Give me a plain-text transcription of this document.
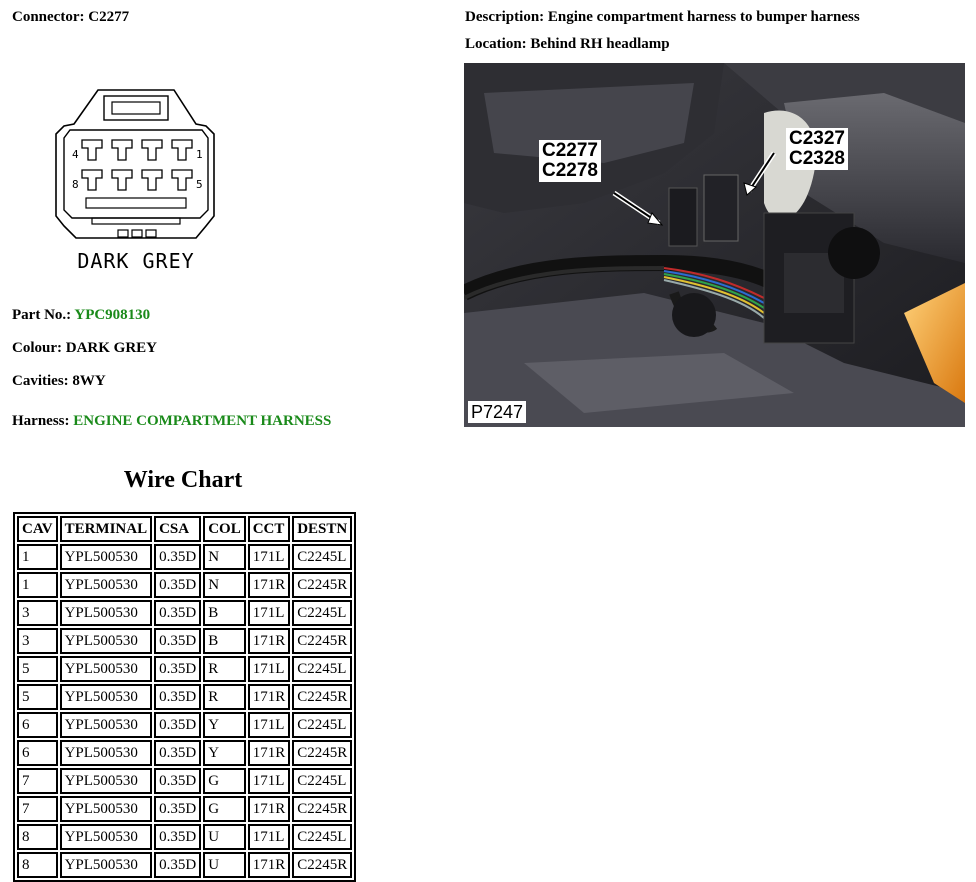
Connector: C2277	Description: Engine compartment harness to bumper harness
Location: Behind RH headlamp
4	1
8	5
DARK GREY
Part No.: YPC908130
Colour: DARK GREY
Cavities: 8WY
Harness: ENGINE COMPARTMENT HARNESS
C2277
C2278
C2327
C2328
P7247
Wire Chart
CAV	TERMINAL	CSA	COL	CCT	DESTN
1	YPL500530	0.35D	N	171L	C2245L
1	YPL500530	0.35D	N	171R	C2245R
3	YPL500530	0.35D	B	171L	C2245L
3	YPL500530	0.35D	B	171R	C2245R
5	YPL500530	0.35D	R	171L	C2245L
5	YPL500530	0.35D	R	171R	C2245R
6	YPL500530	0.35D	Y	171L	C2245L
6	YPL500530	0.35D	Y	171R	C2245R
7	YPL500530	0.35D	G	171L	C2245L
7	YPL500530	0.35D	G	171R	C2245R
8	YPL500530	0.35D	U	171L	C2245L
8	YPL500530	0.35D	U	171R	C2245R
